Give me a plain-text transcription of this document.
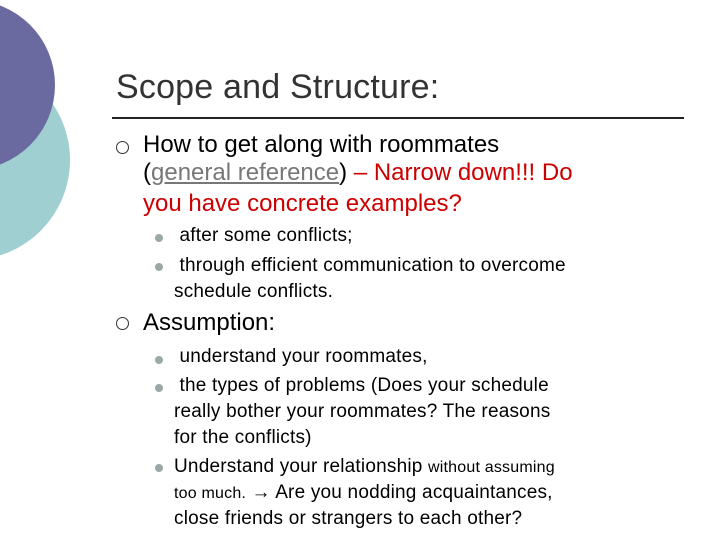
Scope and Structure:
How to get along with roommates
(general reference) – Narrow down!!! Do
you have concrete examples?
after some conflicts;
through efficient communication to overcome
schedule conflicts.
Assumption:
understand your roommates,
the types of problems (Does your schedule
really bother your roommates? The reasons
for the conflicts)
Understand your relationship without assuming
too much. → Are you nodding acquaintances,
close friends or strangers to each other?
